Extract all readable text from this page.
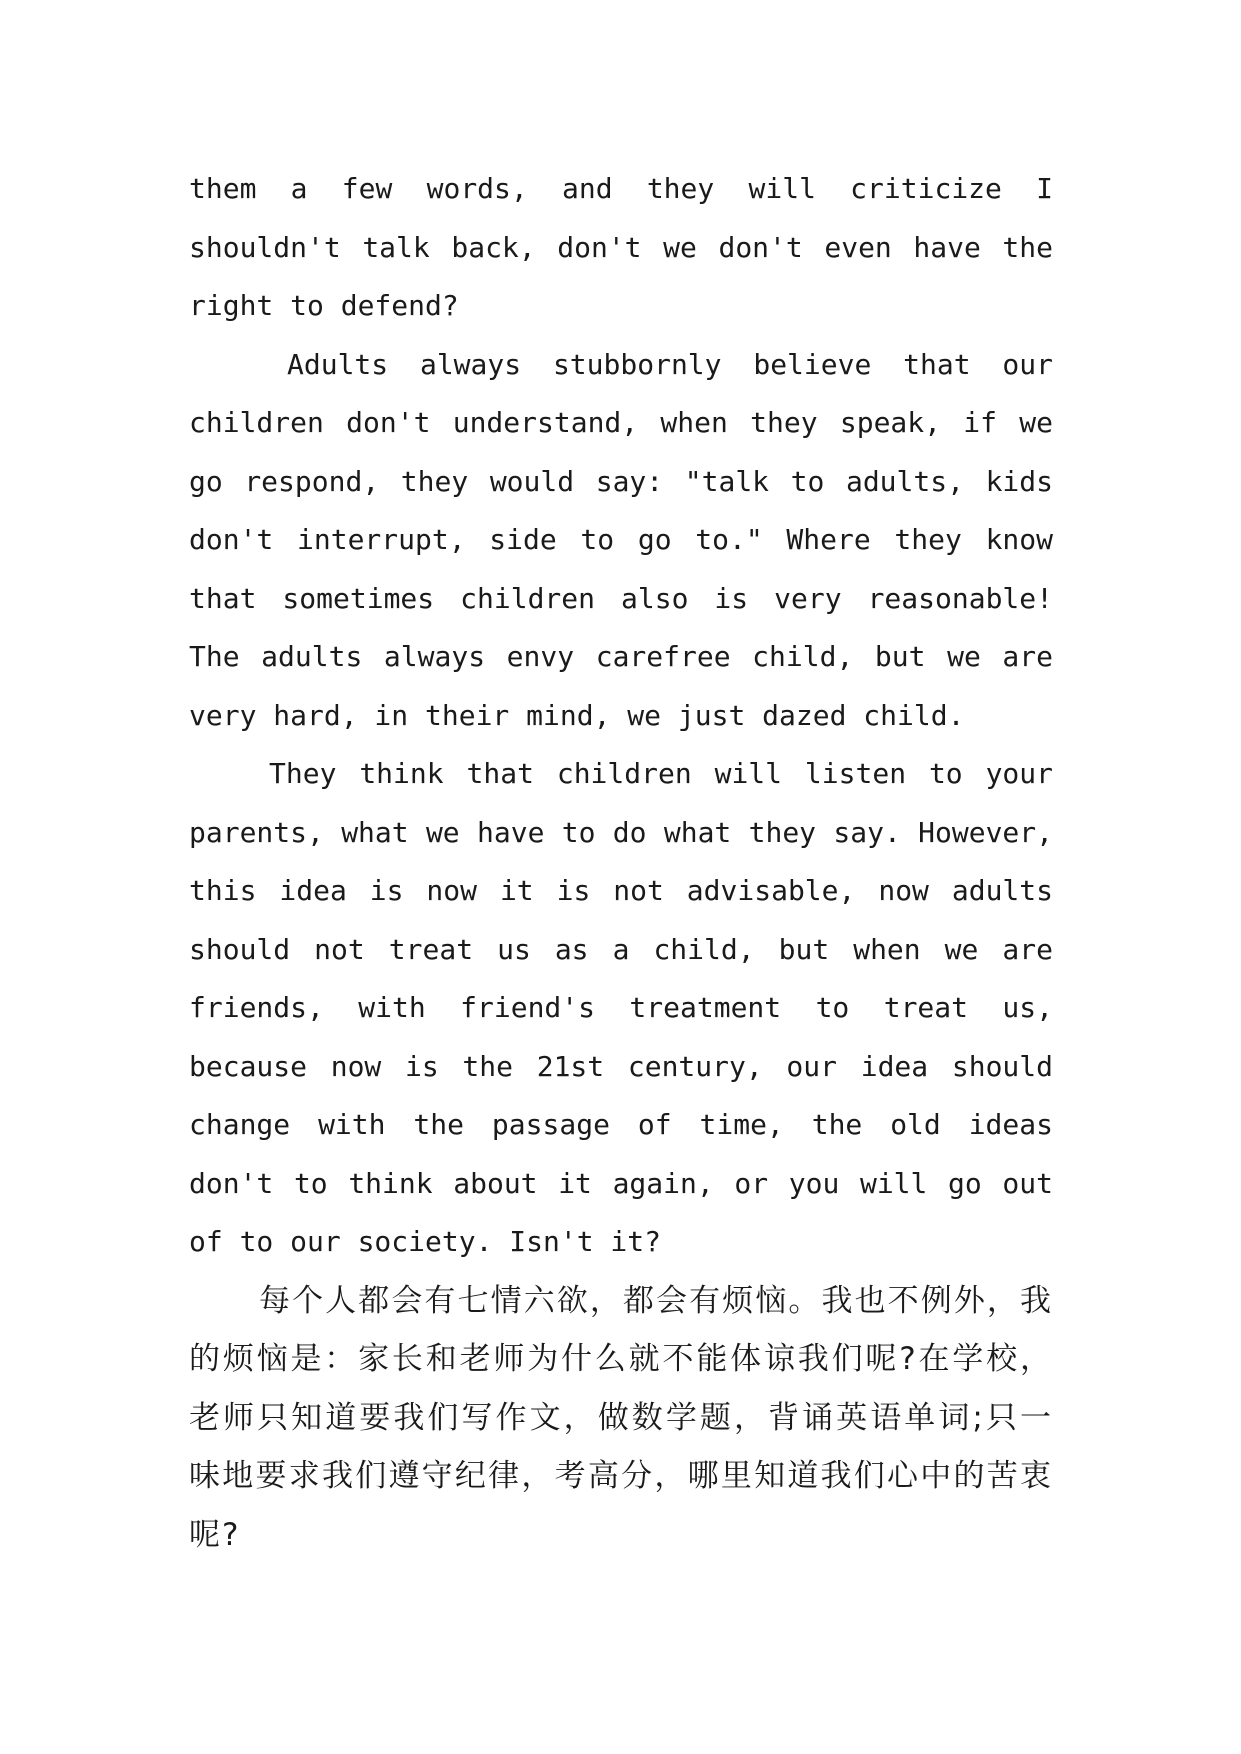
them a few words, and they will criticize I
shouldn't talk back, don't we don't even have the
right to defend?
Adults always stubbornly believe that our
children don't understand, when they speak, if we
go respond, they would say: "talk to adults, kids
don't interrupt, side to go to." Where they know
that sometimes children also is very reasonable!
The adults always envy carefree child, but we are
very hard, in their mind, we just dazed child.
They think that children will listen to your
parents, what we have to do what they say. However,
this idea is now it is not advisable, now adults
should not treat us as a child, but when we are
friends, with friend's treatment to treat us,
because now is the 21st century, our idea should
change with the passage of time, the old ideas
don't to think about it again, or you will go out
of to our society. Isn't it?
每个人都会有七情六欲，都会有烦恼。我也不例外，我
的烦恼是：家长和老师为什么就不能体谅我们呢?在学校，
老师只知道要我们写作文，做数学题，背诵英语单词;只一
味地要求我们遵守纪律，考高分，哪里知道我们心中的苦衷
呢?
